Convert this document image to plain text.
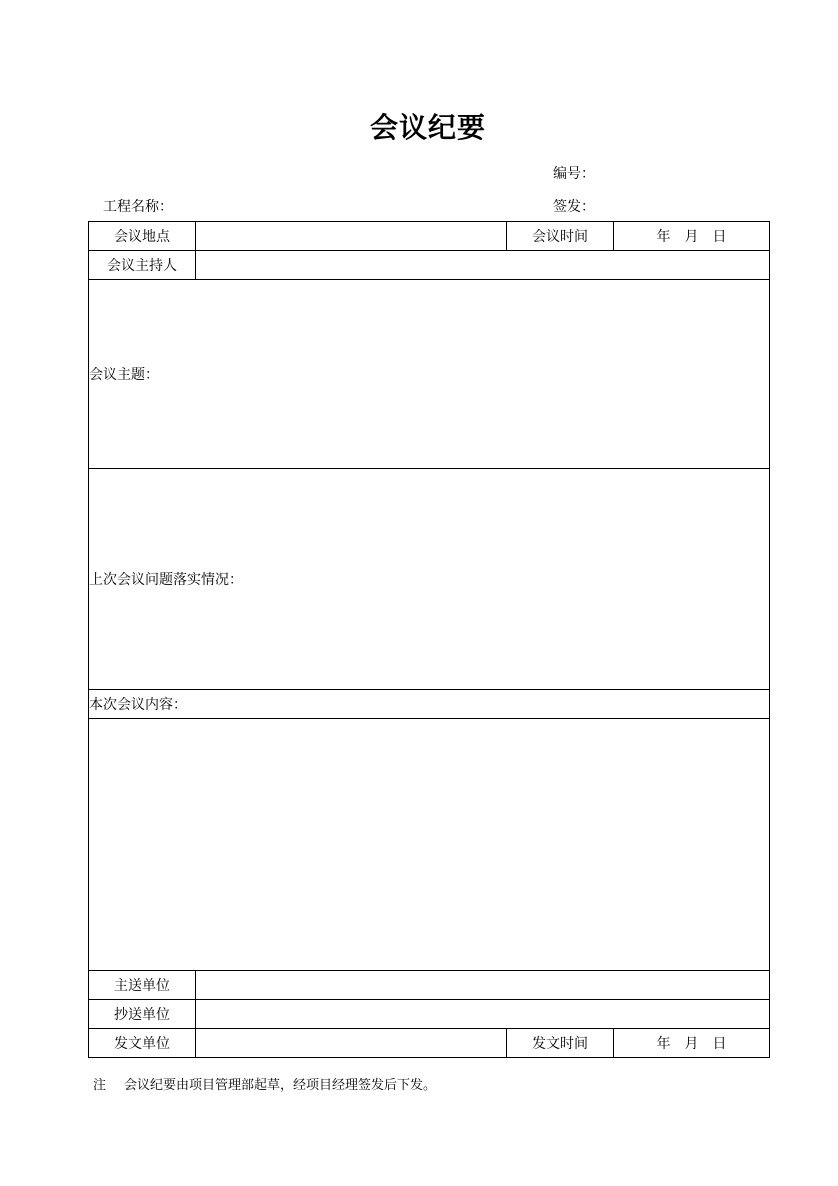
会议纪要
编号：
工程名称：	签发：
会议地点		会议时间	年　月　日
会议主持人			
会议主题：			
上次会议问题落实情况：			
本次会议内容：			

主送单位			
抄送单位			
发文单位		发文时间	年　月　日
注 会议纪要由项目管理部起草，经项目经理签发后下发。
